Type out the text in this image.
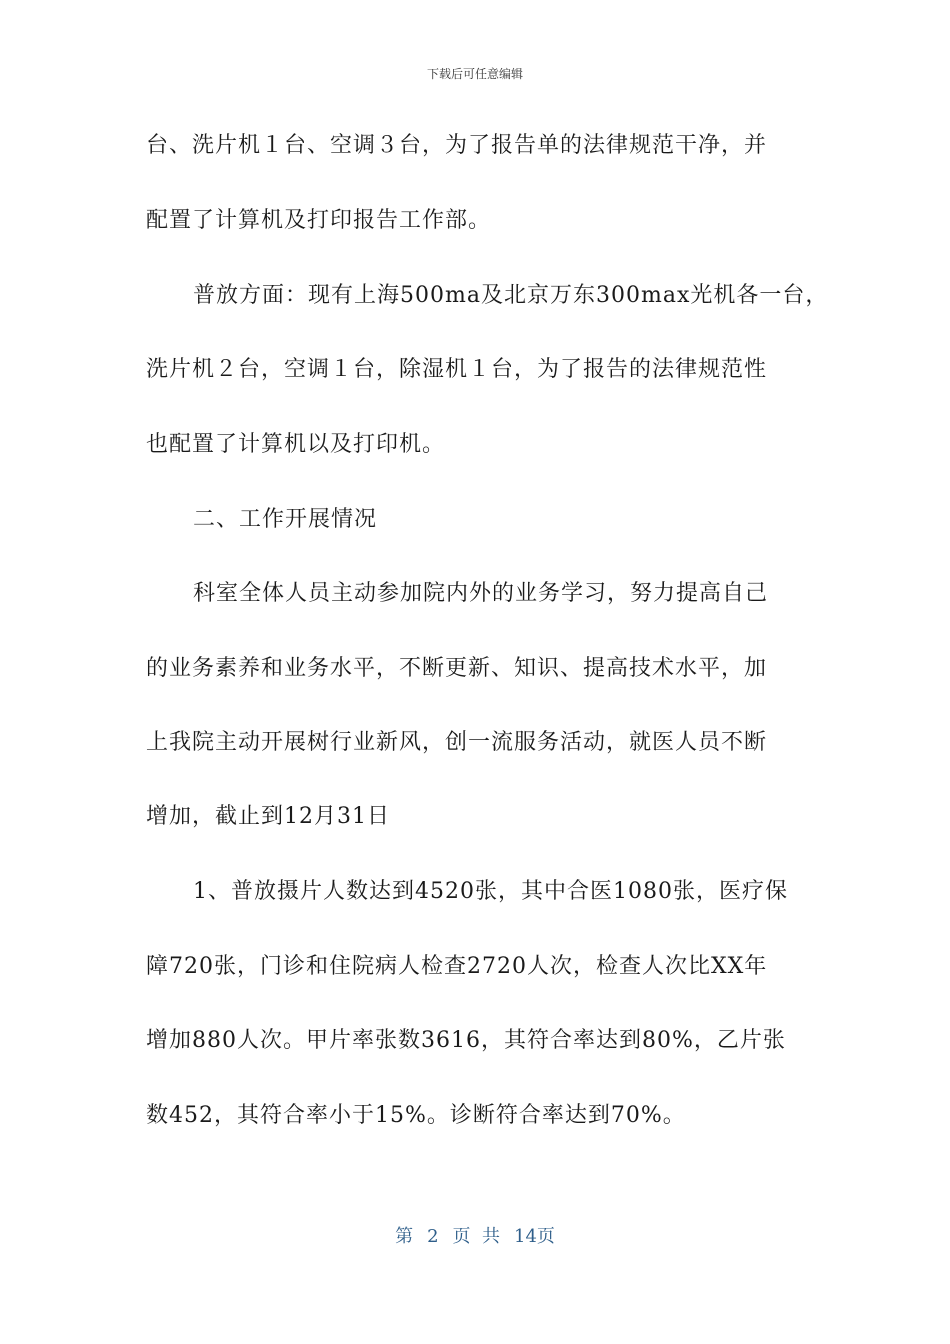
下载后可任意编辑
台、洗片机１台、空调３台，为了报告单的法律规范干净，并
配置了计算机及打印报告工作部。
普放方面：现有上海500ma及北京万东300max光机各一台，
洗片机２台，空调１台，除湿机１台，为了报告的法律规范性
也配置了计算机以及打印机。
二、工作开展情况
科室全体人员主动参加院内外的业务学习，努力提高自己
的业务素养和业务水平，不断更新、知识、提高技术水平，加
上我院主动开展树行业新风，创一流服务活动，就医人员不断
增加，截止到12月31日
1、普放摄片人数达到4520张，其中合医1080张，医疗保
障720张，门诊和住院病人检查2720人次，检查人次比XX年
增加880人次。甲片率张数3616，其符合率达到80%，乙片张
数452，其符合率小于15%。诊断符合率达到70%。
第 2 页  共 14页
